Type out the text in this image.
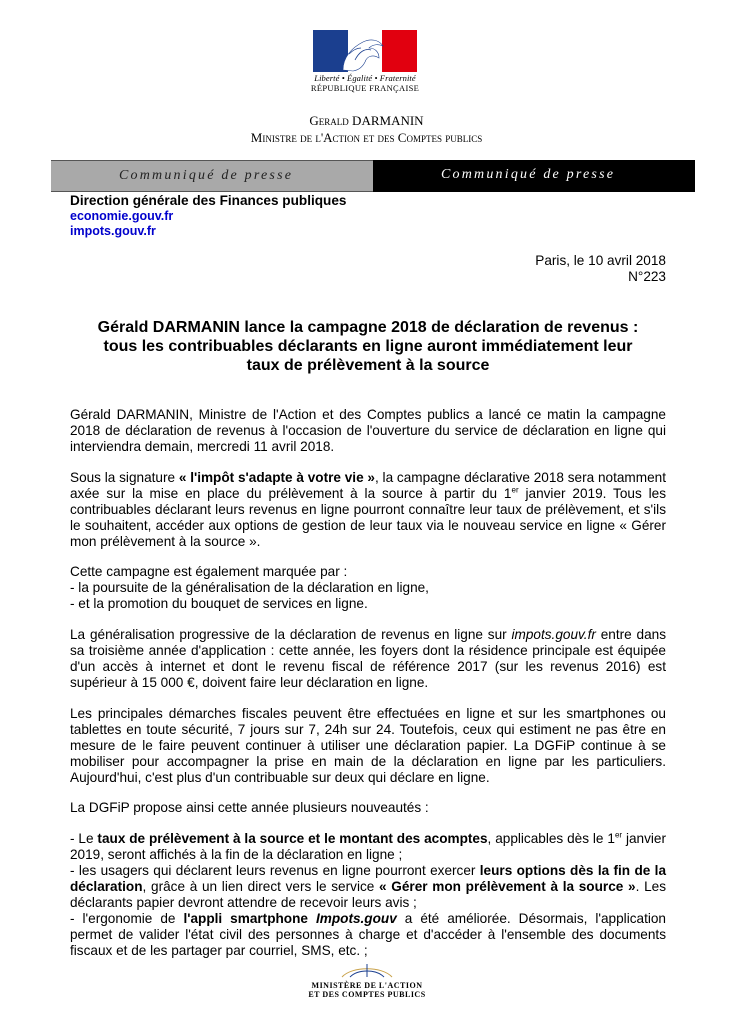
Liberté • Égalité • Fraternité
RÉPUBLIQUE FRANÇAISE
Gerald DARMANIN
Ministre de l'Action et des Comptes publics
Communiqué de presse	Communiqué de presse
Direction générale des Finances publiques
economie.gouv.fr
impots.gouv.fr
Paris, le 10 avril 2018
N°223
Gérald DARMANIN lance la campagne 2018 de déclaration de revenus :
tous les contribuables déclarants en ligne auront immédiatement leur
taux de prélèvement à la source
Gérald DARMANIN, Ministre de l'Action et des Comptes publics a lancé ce matin la campagne 2018 de déclaration de revenus à l'occasion de l'ouverture du service de déclaration en ligne qui interviendra demain, mercredi 11 avril 2018.
Sous la signature « l'impôt s'adapte à votre vie », la campagne déclarative 2018 sera notamment axée sur la mise en place du prélèvement à la source à partir du 1er janvier 2019. Tous les contribuables déclarant leurs revenus en ligne pourront connaître leur taux de prélèvement, et s'ils le souhaitent, accéder aux options de gestion de leur taux via le nouveau service en ligne « Gérer mon prélèvement à la source ».
Cette campagne est également marquée par :
- la poursuite de la généralisation de la déclaration en ligne,
- et la promotion du bouquet de services en ligne.
La généralisation progressive de la déclaration de revenus en ligne sur impots.gouv.fr entre dans sa troisième année d'application : cette année, les foyers dont la résidence principale est équipée d'un accès à internet et dont le revenu fiscal de référence 2017 (sur les revenus 2016) est supérieur à 15 000 €, doivent faire leur déclaration en ligne.
Les principales démarches fiscales peuvent être effectuées en ligne et sur les smartphones ou tablettes en toute sécurité, 7 jours sur 7, 24h sur 24. Toutefois, ceux qui estiment ne pas être en mesure de le faire peuvent continuer à utiliser une déclaration papier. La DGFiP continue à se mobiliser pour accompagner la prise en main de la déclaration en ligne par les particuliers. Aujourd'hui, c'est plus d'un contribuable sur deux qui déclare en ligne.
La DGFiP propose ainsi cette année plusieurs nouveautés :
- Le taux de prélèvement à la source et le montant des acomptes, applicables dès le 1er janvier 2019, seront affichés à la fin de la déclaration en ligne ;
- les usagers qui déclarent leurs revenus en ligne pourront exercer leurs options dès la fin de la déclaration, grâce à un lien direct vers le service « Gérer mon prélèvement à la source ». Les déclarants papier devront attendre de recevoir leurs avis ;
- l'ergonomie de l'appli smartphone Impots.gouv a été améliorée. Désormais, l'application permet de valider l'état civil des personnes à charge et d'accéder à l'ensemble des documents fiscaux et de les partager par courriel, SMS, etc. ;
MINISTÈRE DE L'ACTION
ET DES COMPTES PUBLICS
